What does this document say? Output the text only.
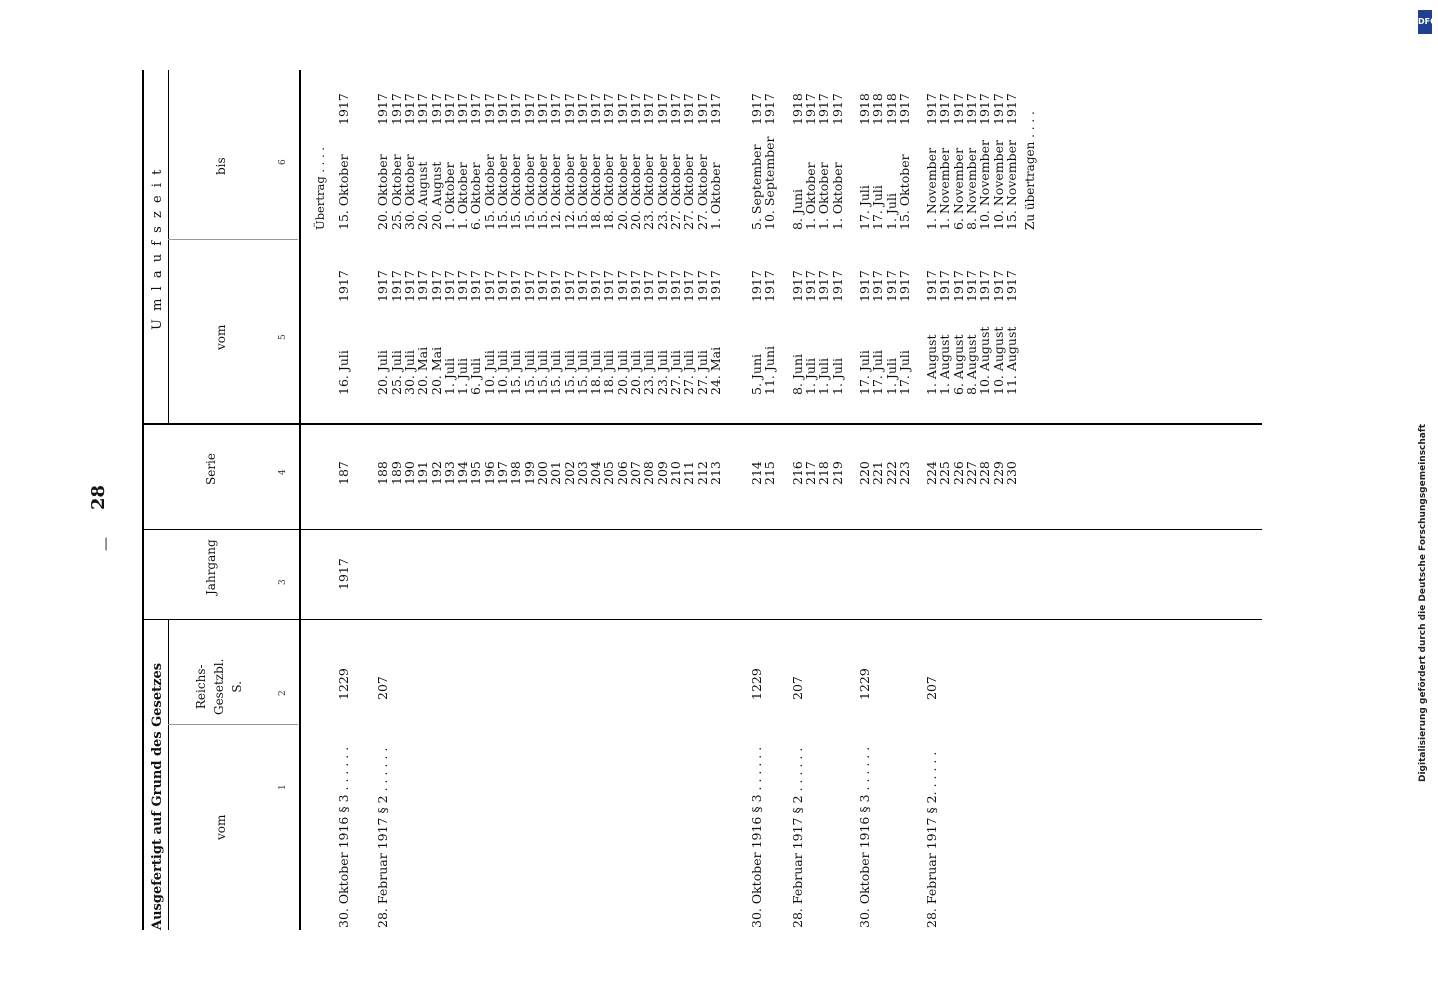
28
—
Ausgefertigt auf Grund des Gesetzes
U m l a u f s z e i t
vom
Reichs-
Gesetzbl.
S.
Jahrgang
Serie
vom
bis
1
2
3
4
5
6 Übertrag . . . .
30. Oktober 1916 § 3 . . . . . .
1229
1917
187
16. Juli
1917
15. Oktober
1917
28. Februar 1917 § 2 . . . . . .
207
188
20. Juli
1917
20. Oktober
1917
189
25. Juli
1917
25. Oktober
1917
190
30. Juli
1917
30. Oktober
1917
191
20. Mai
1917
20. August
1917
192
20. Mai
1917
20. August
1917
193
1. Juli
1917
1. Oktober
1917
194
1. Juli
1917
1. Oktober
1917
195
6. Juli
1917
6. Oktober
1917
196
10. Juli
1917
15. Oktober
1917
197
10. Juli
1917
15. Oktober
1917
198
15. Juli
1917
15. Oktober
1917
199
15. Juli
1917
15. Oktober
1917
200
15. Juli
1917
15. Oktober
1917
201
15. Juli
1917
12. Oktober
1917
202
15. Juli
1917
12. Oktober
1917
203
15. Juli
1917
15. Oktober
1917
204
18. Juli
1917
18. Oktober
1917
205
18. Juli
1917
18. Oktober
1917
206
20. Juli
1917
20. Oktober
1917
207
20. Juli
1917
20. Oktober
1917
208
23. Juli
1917
23. Oktober
1917
209
23. Juli
1917
23. Oktober
1917
210
27. Juli
1917
27. Oktober
1917
211
27. Juli
1917
27. Oktober
1917
212
27. Juli
1917
27. Oktober
1917
213
24. Mai
1917
1. Oktober
1917
30. Oktober 1916 § 3 . . . . . .
1229
214
5. Juni
1917
5. September
1917
215
11. Juni
1917
10. September
1917
28. Februar 1917 § 2 . . . . . .
207
216
8. Juni
1917
8. Juni
1918
217
1. Juli
1917
1. Oktober
1917
218
1. Juli
1917
1. Oktober
1917
219
1. Juli
1917
1. Oktober
1917
30. Oktober 1916 § 3 . . . . . .
1229
220
17. Juli
1917
17. Juli
1918
221
17. Juli
1917
17. Juli
1918
222
1. Juli
1917
1. Juli
1918
223
17. Juli
1917
15. Oktober
1917
28. Februar 1917 § 2. . . . . .
207
224
1. August
1917
1. November
1917
225
1. August
1917
1. November
1917
226
6. August
1917
6. November
1917
227
8. August
1917
8. November
1917
228
10. August
1917
10. November
1917
229
10. August
1917
10. November
1917
230
11. August
1917
15. November
1917
Zu übertragen . . . .
DFG
Digitalisierung gefördert durch die Deutsche Forschungsgemeinschaft
